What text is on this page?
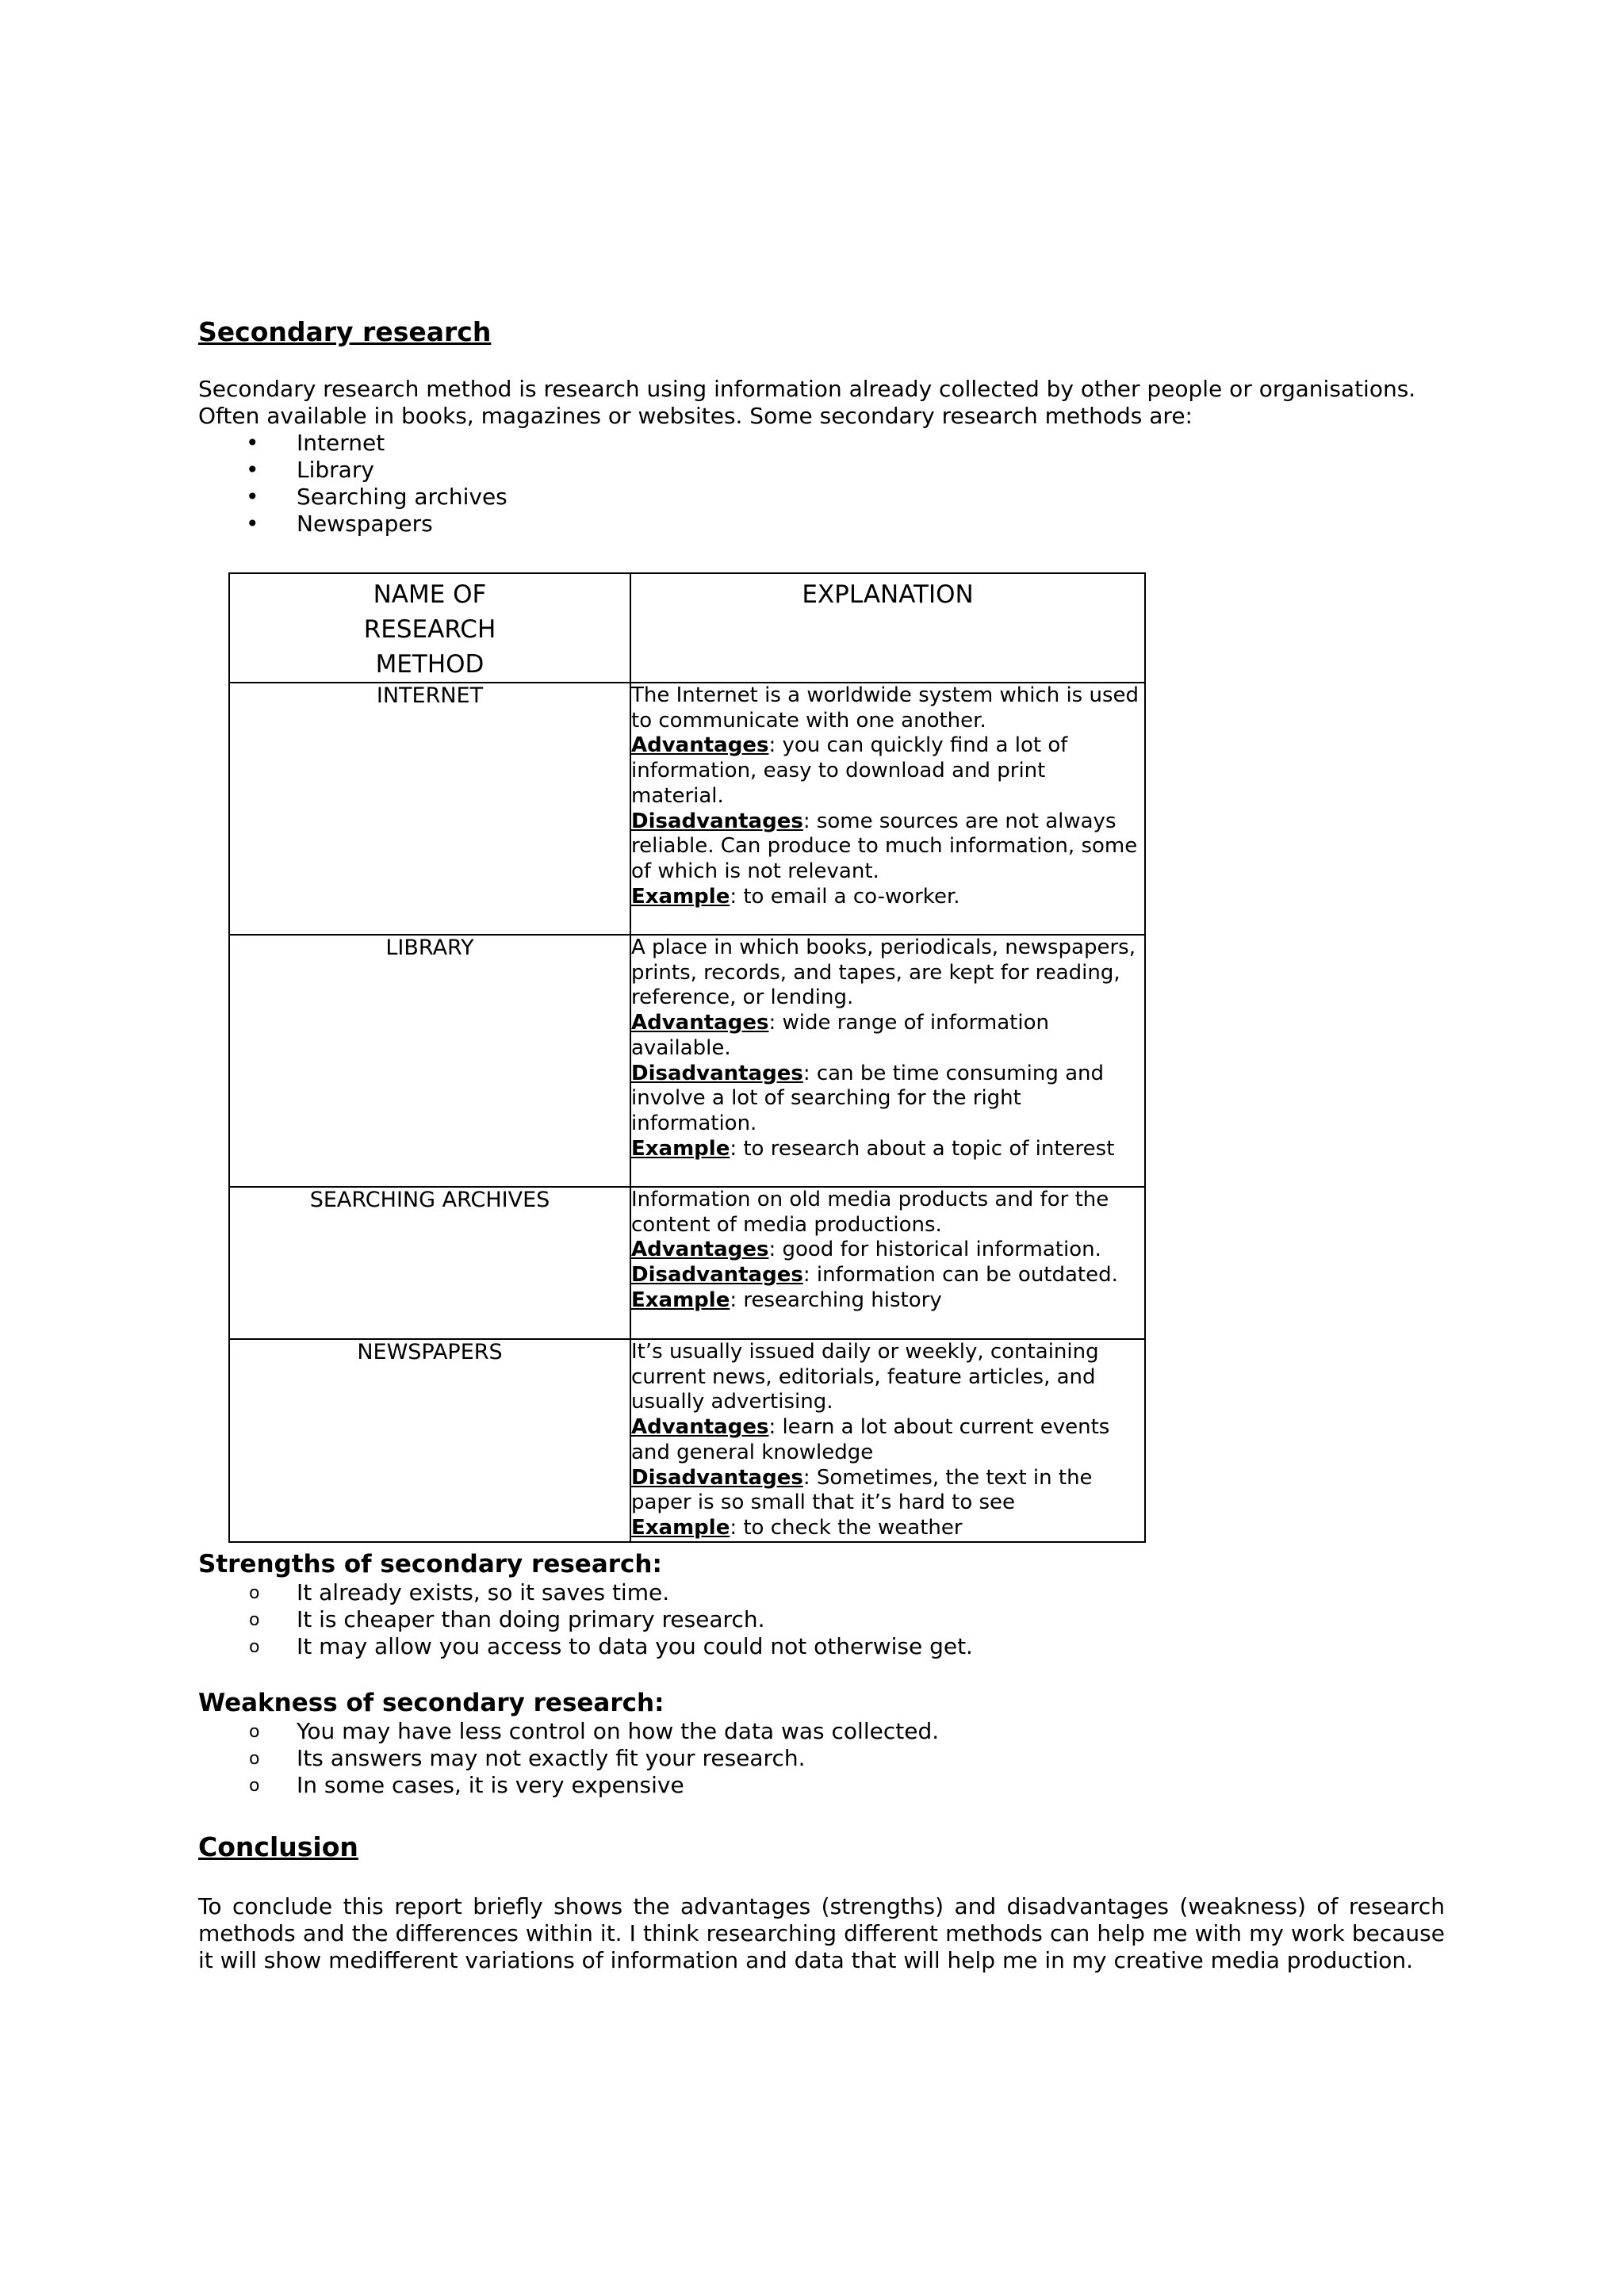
Secondary research
Secondary research method is research using information already collected by other people or organisations.
Often available in books, magazines or websites. Some secondary research methods are:
• Internet
• Library
• Searching archives
• Newspapers
NAME OF RESEARCH METHOD	EXPLANATION
INTERNET	The Internet is a worldwide system which is used to communicate with one another.
Advantages: you can quickly find a lot of information, easy to download and print material.
Disadvantages: some sources are not always reliable. Can produce to much information, some of which is not relevant.
Example: to email a co-worker.
LIBRARY	A place in which books, periodicals, newspapers, prints, records, and tapes, are kept for reading, reference, or lending.
Advantages: wide range of information available.
Disadvantages: can be time consuming and involve a lot of searching for the right information.
Example: to research about a topic of interest
SEARCHING ARCHIVES	Information on old media products and for the content of media productions.
Advantages: good for historical information.
Disadvantages: information can be outdated.
Example: researching history
NEWSPAPERS	It’s usually issued daily or weekly, containing current news, editorials, feature articles, and usually advertising.
Advantages: learn a lot about current events and general knowledge
Disadvantages: Sometimes, the text in the paper is so small that it’s hard to see
Example: to check the weather
Strengths of secondary research:
o It already exists, so it saves time.
o It is cheaper than doing primary research.
o It may allow you access to data you could not otherwise get.
Weakness of secondary research:
o You may have less control on how the data was collected.
o Its answers may not exactly fit your research.
o In some cases, it is very expensive
Conclusion

To conclude this report briefly shows the advantages (strengths) and disadvantages (weakness) of research methods and the differences within it. I think researching different methods can help me with my work because it will show medifferent variations of information and data that will help me in my creative media production.
